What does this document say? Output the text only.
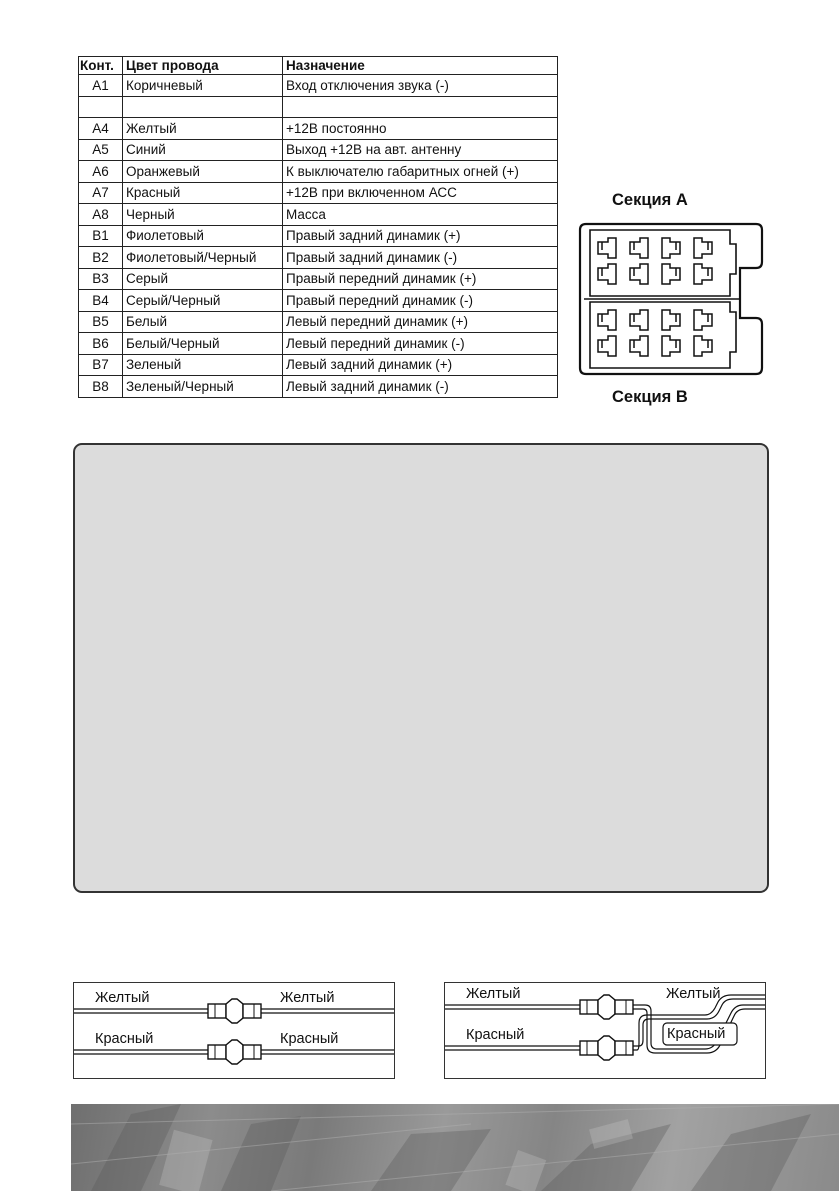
Конт.	Цвет провода	Назначение
A1	Коричневый	Вход отключения звука (-)

A4	Желтый	+12В постоянно
A5	Синий	Выход +12В на авт. антенну
A6	Оранжевый	К выключателю габаритных огней (+)
A7	Красный	+12В при включенном АСС
A8	Черный	Масса
B1	Фиолетовый	Правый задний динамик (+)
B2	Фиолетовый/Черный	Правый задний динамик (-)
B3	Серый	Правый передний динамик (+)
B4	Серый/Черный	Правый передний динамик (-)
B5	Белый	Левый передний динамик (+)
B6	Белый/Черный	Левый передний динамик (-)
B7	Зеленый	Левый задний динамик (+)
B8	Зеленый/Черный	Левый задний динамик (-)
Секция А
Секция В
Желтый	Желтый
Красный	Красный
Желтый	Желтый
Красный	Красный
